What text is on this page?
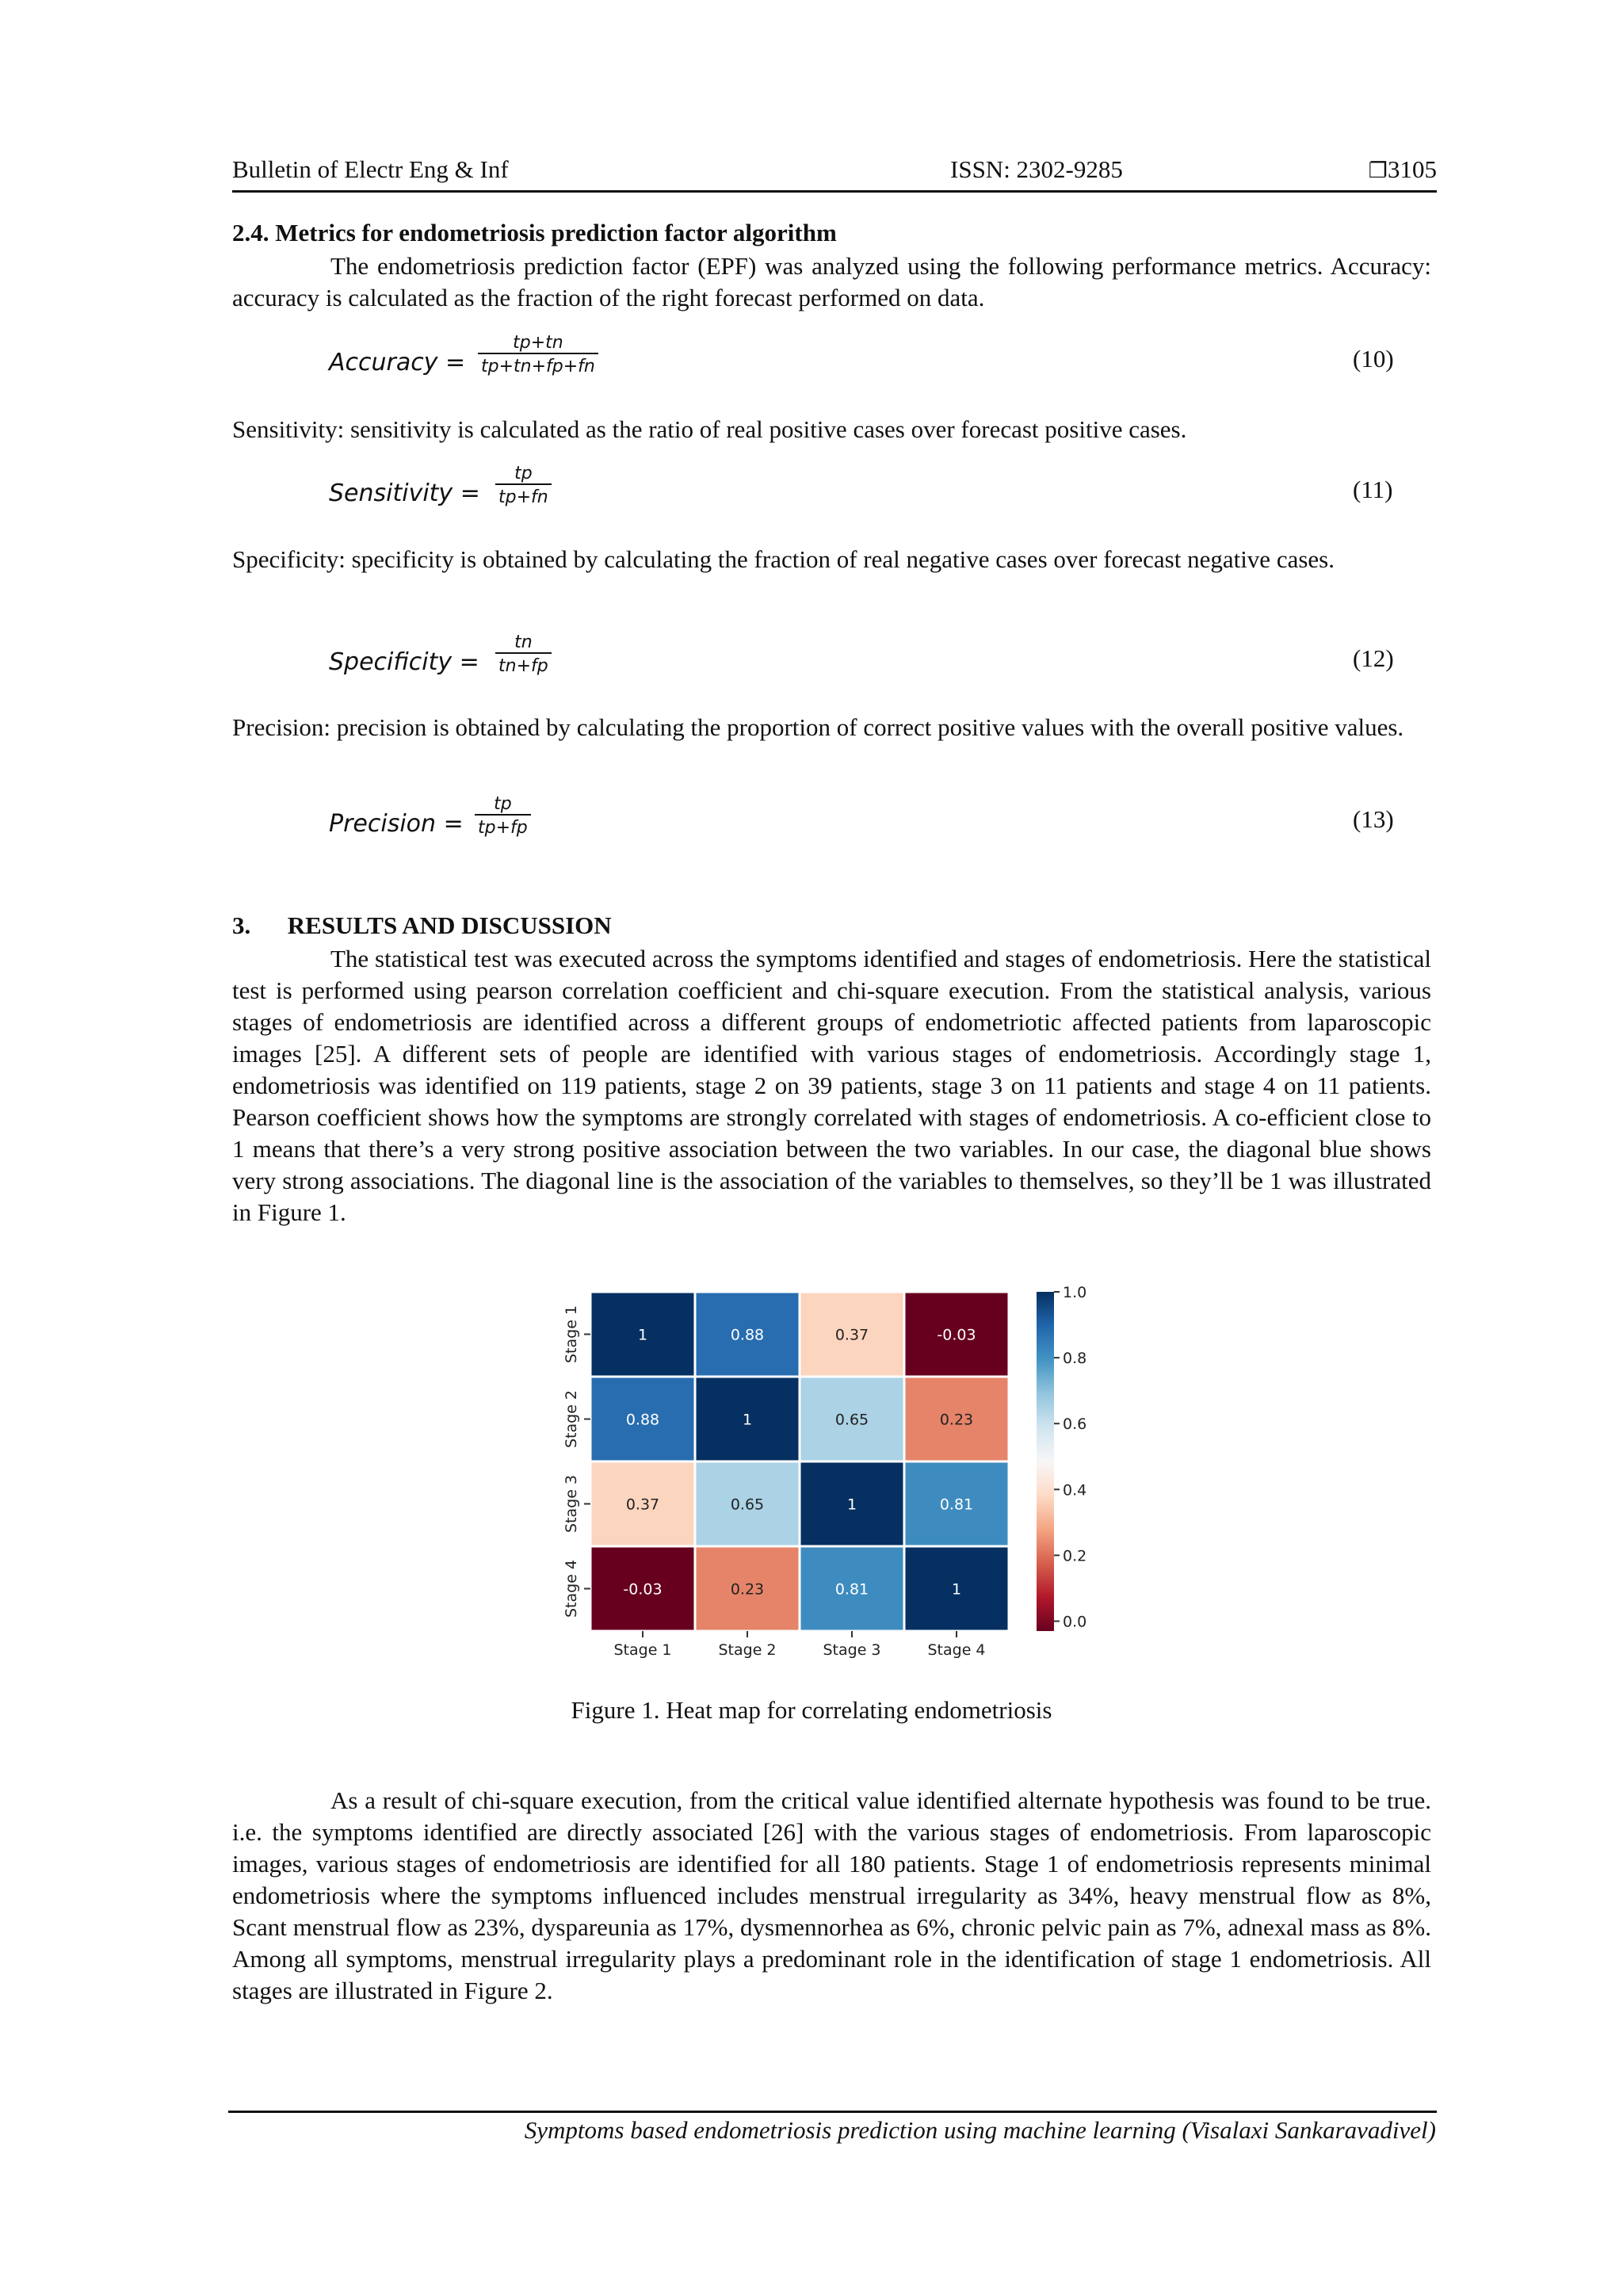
Bulletin of Electr Eng & Inf	ISSN: 2302-9285	❐3105
2.4. Metrics for endometriosis prediction factor algorithm

The endometriosis prediction factor (EPF) was analyzed using the following performance metrics. Accuracy: accuracy is calculated as the fraction of the right forecast performed on data.

Accuracy = $\frac{tp+tn}{tp+tn+fp+fn}$	(10)

Sensitivity: sensitivity is calculated as the ratio of real positive cases over forecast positive cases.

Sensitivity = $\frac{tp}{tp+fn}$	(11)

Specificity: specificity is obtained by calculating the fraction of real negative cases over forecast negative cases.

Specificity = $\frac{tn}{tn+fp}$	(12)

Precision: precision is obtained by calculating the proportion of correct positive values with the overall positive values.

Precision = $\frac{tp}{tp+fp}$	(13)
3.      RESULTS AND DISCUSSION

The statistical test was executed across the symptoms identified and stages of endometriosis. Here the statistical test is performed using pearson correlation coefficient and chi-square execution. From the statistical analysis, various stages of endometriosis are identified across a different groups of endometriotic affected patients from laparoscopic images [25]. A different sets of people are identified with various stages of endometriosis. Accordingly stage 1, endometriosis was identified on 119 patients, stage 2 on 39 patients, stage 3 on 11 patients and stage 4 on 11 patients. Pearson coefficient shows how the symptoms are strongly correlated with stages of endometriosis. A co-efficient close to 1 means that there’s a very strong positive association between the two variables. In our case, the diagonal blue shows very strong associations. The diagonal line is the association of the variables to themselves, so they’ll be 1 was illustrated in Figure 1.

1	0.88	0.37	-0.03
0.88	1	0.65	0.23
0.37	0.65	1	0.81
-0.03	0.23	0.81	1
Stage 1
Stage 2
Stage 3
Stage 4
Stage 1	Stage 2	Stage 3	Stage 4
1.0
0.8
0.6
0.4
0.2
0.0
Figure 1. Heat map for correlating endometriosis

As a result of chi-square execution, from the critical value identified alternate hypothesis was found to be true. i.e. the symptoms identified are directly associated [26] with the various stages of endometriosis. From laparoscopic images, various stages of endometriosis are identified for all 180 patients. Stage 1 of endometriosis represents minimal endometriosis where the symptoms influenced includes menstrual irregularity as 34%, heavy menstrual flow as 8%, Scant menstrual flow as 23%, dyspareunia as 17%, dysmennorhea as 6%, chronic pelvic pain as 7%, adnexal mass as 8%. Among all symptoms, menstrual irregularity plays a predominant role in the identification of stage 1 endometriosis. All stages are illustrated in Figure 2.

Symptoms based endometriosis prediction using machine learning (Visalaxi Sankaravadivel)
